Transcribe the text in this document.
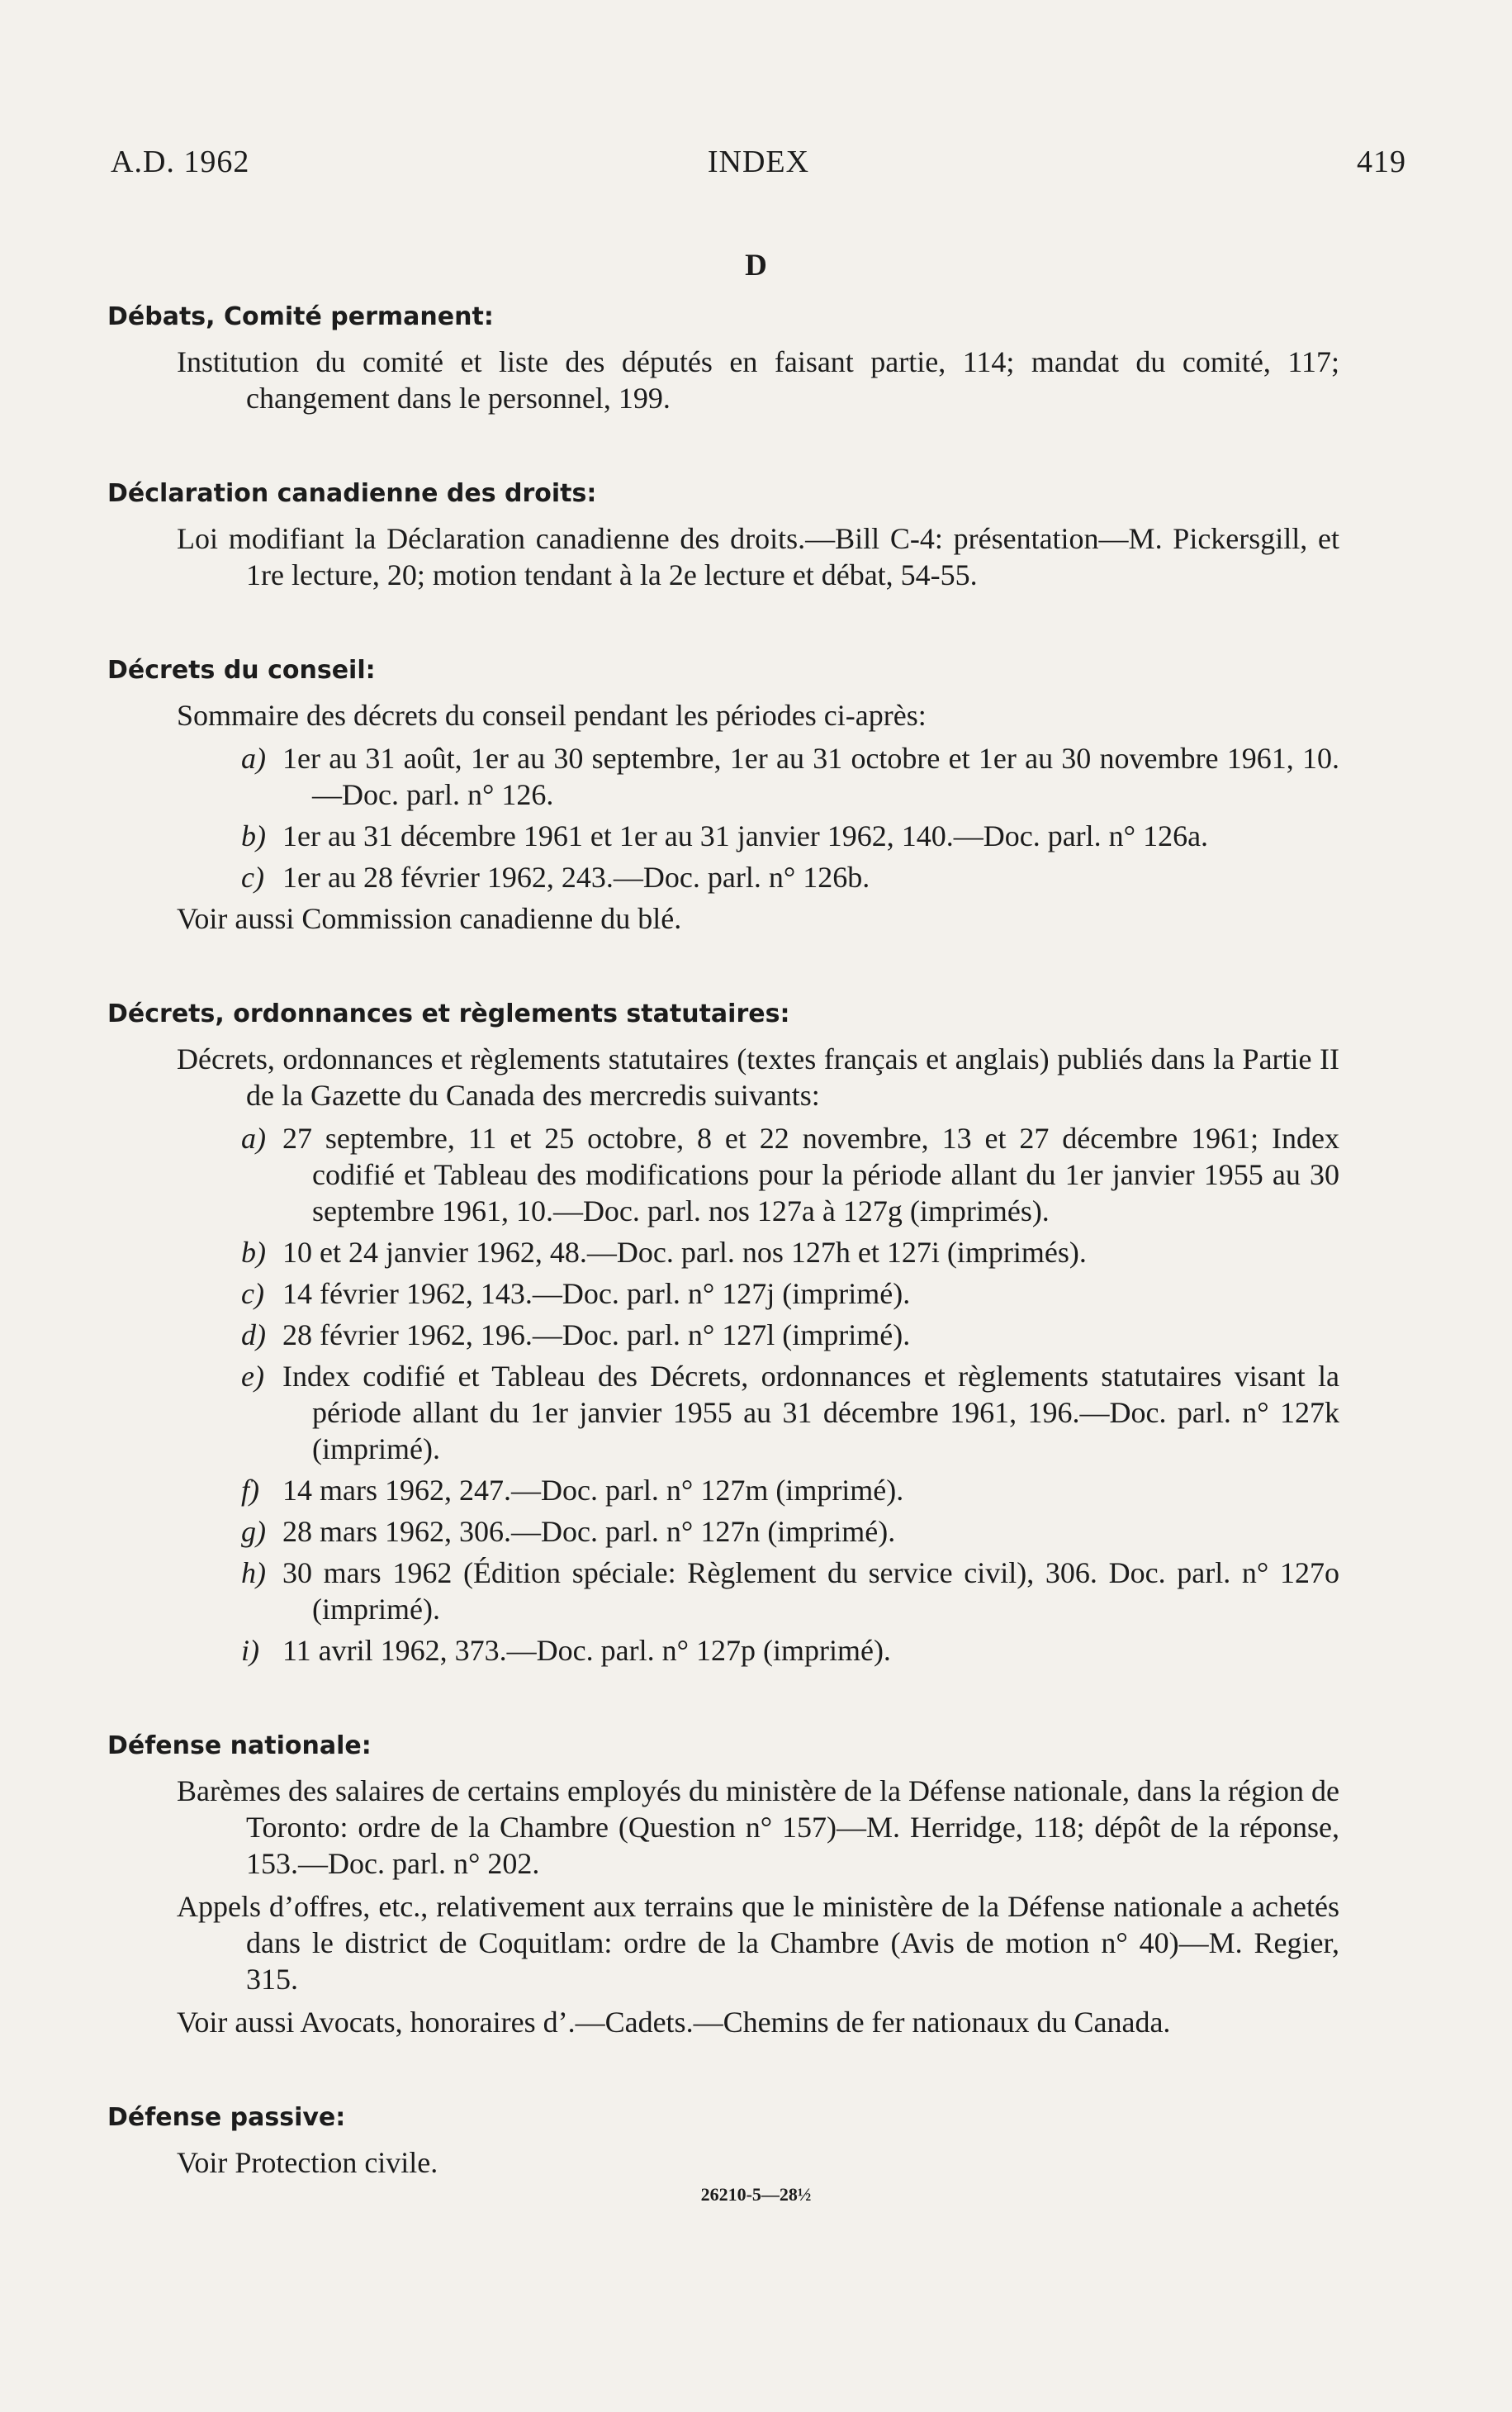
A.D. 1962	INDEX	419
D
Débats, Comité permanent:
Institution du comité et liste des députés en faisant partie, 114; mandat du comité, 117; changement dans le personnel, 199.
Déclaration canadienne des droits:
Loi modifiant la Déclaration canadienne des droits.—Bill C-4: présentation—M. Pickersgill, et 1re lecture, 20; motion tendant à la 2e lecture et débat, 54-55.
Décrets du conseil:
Sommaire des décrets du conseil pendant les périodes ci-après:
a) 1er au 31 août, 1er au 30 septembre, 1er au 31 octobre et 1er au 30 novembre 1961, 10.—Doc. parl. n° 126.
b) 1er au 31 décembre 1961 et 1er au 31 janvier 1962, 140.—Doc. parl. n° 126a.
c) 1er au 28 février 1962, 243.—Doc. parl. n° 126b.
Voir aussi Commission canadienne du blé.
Décrets, ordonnances et règlements statutaires:
Décrets, ordonnances et règlements statutaires (textes français et anglais) publiés dans la Partie II de la Gazette du Canada des mercredis suivants:
a) 27 septembre, 11 et 25 octobre, 8 et 22 novembre, 13 et 27 décembre 1961; Index codifié et Tableau des modifications pour la période allant du 1er janvier 1955 au 30 septembre 1961, 10.—Doc. parl. nos 127a à 127g (imprimés).
b) 10 et 24 janvier 1962, 48.—Doc. parl. nos 127h et 127i (imprimés).
c) 14 février 1962, 143.—Doc. parl. n° 127j (imprimé).
d) 28 février 1962, 196.—Doc. parl. n° 127l (imprimé).
e) Index codifié et Tableau des Décrets, ordonnances et règlements statutaires visant la période allant du 1er janvier 1955 au 31 décembre 1961, 196.—Doc. parl. n° 127k (imprimé).
f) 14 mars 1962, 247.—Doc. parl. n° 127m (imprimé).
g) 28 mars 1962, 306.—Doc. parl. n° 127n (imprimé).
h) 30 mars 1962 (Édition spéciale: Règlement du service civil), 306. Doc. parl. n° 127o (imprimé).
i) 11 avril 1962, 373.—Doc. parl. n° 127p (imprimé).
Défense nationale:
Barèmes des salaires de certains employés du ministère de la Défense nationale, dans la région de Toronto: ordre de la Chambre (Question n° 157)—M. Herridge, 118; dépôt de la réponse, 153.—Doc. parl. n° 202.
Appels d’offres, etc., relativement aux terrains que le ministère de la Défense nationale a achetés dans le district de Coquitlam: ordre de la Chambre (Avis de motion n° 40)—M. Regier, 315.
Voir aussi Avocats, honoraires d’.—Cadets.—Chemins de fer nationaux du Canada.
Défense passive:
Voir Protection civile.
26210-5—28½
